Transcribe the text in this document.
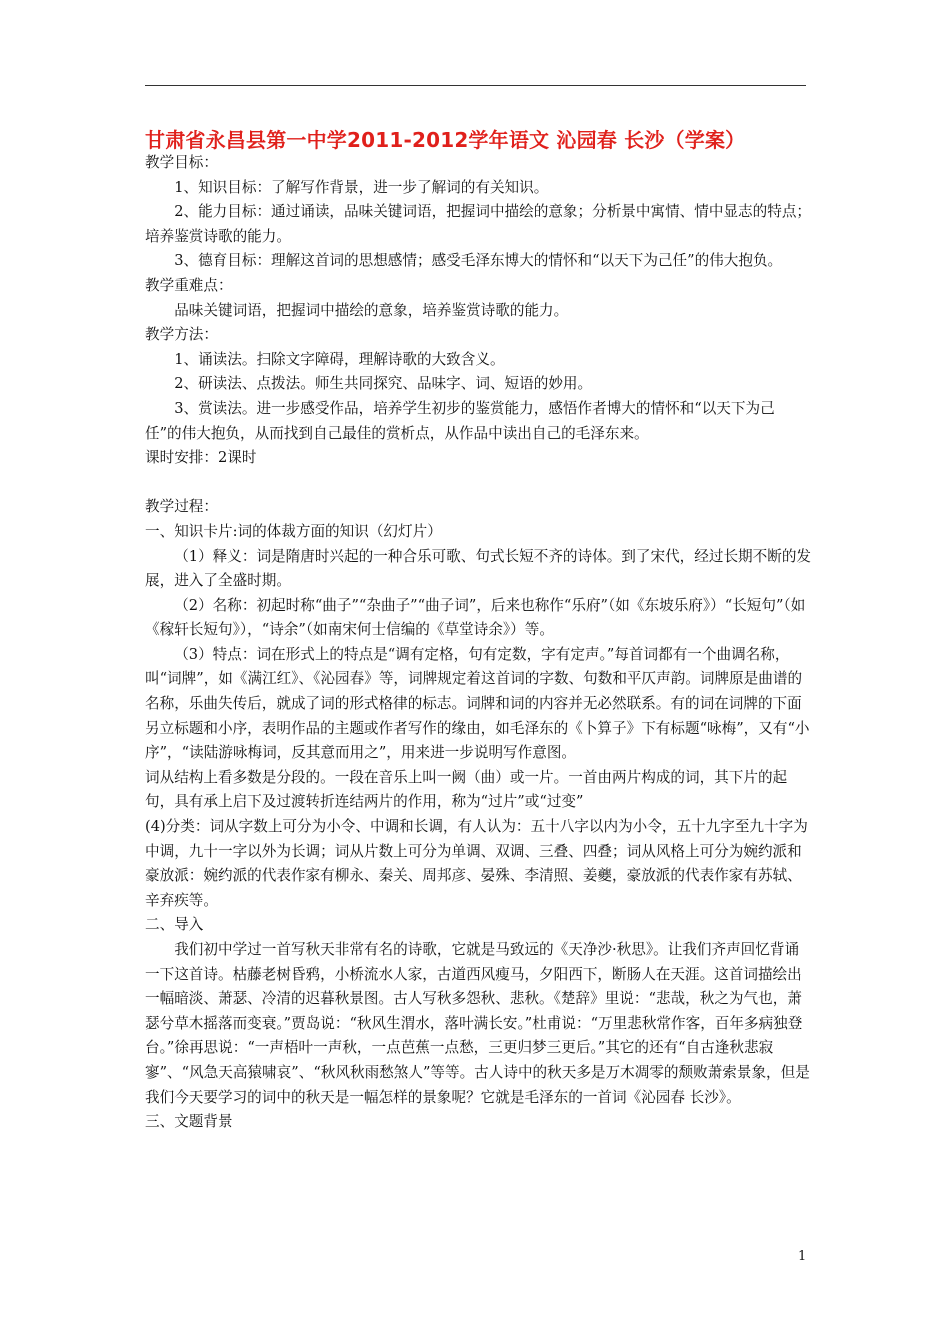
甘肃省永昌县第一中学2011-2012学年语文 沁园春 长沙（学案）

教学目标：

1、知识目标：了解写作背景，进一步了解词的有关知识。

2、能力目标：通过诵读，品味关键词语，把握词中描绘的意象；分析景中寓情、情中显志的特点；培养鉴赏诗歌的能力。

3、德育目标：理解这首词的思想感情；感受毛泽东博大的情怀和“以天下为己任”的伟大抱负。

教学重难点：

品味关键词语，把握词中描绘的意象，培养鉴赏诗歌的能力。

教学方法：

1、诵读法。扫除文字障碍，理解诗歌的大致含义。

2、研读法、点拨法。师生共同探究、品味字、词、短语的妙用。

3、赏读法。进一步感受作品，培养学生初步的鉴赏能力，感悟作者博大的情怀和“以天下为己任”的伟大抱负，从而找到自己最佳的赏析点，从作品中读出自己的毛泽东来。

课时安排：2课时

教学过程：

一、知识卡片:词的体裁方面的知识（幻灯片）

（1）释义：词是隋唐时兴起的一种合乐可歌、句式长短不齐的诗体。到了宋代，经过长期不断的发展，进入了全盛时期。

（2）名称：初起时称“曲子”“杂曲子”“曲子词”，后来也称作“乐府”（如《东坡乐府》）“长短句”（如《稼轩长短句》），“诗余”（如南宋何士信编的《草堂诗余》）等。

（3）特点：词在形式上的特点是“调有定格，句有定数，字有定声。”每首词都有一个曲调名称，叫“词牌”，如《满江红》、《沁园春》等，词牌规定着这首词的字数、句数和平仄声韵。词牌原是曲谱的名称，乐曲失传后，就成了词的形式格律的标志。词牌和词的内容并无必然联系。有的词在词牌的下面另立标题和小序，表明作品的主题或作者写作的缘由，如毛泽东的《卜算子》下有标题“咏梅”，又有“小序”，“读陆游咏梅词，反其意而用之”，用来进一步说明写作意图。

词从结构上看多数是分段的。一段在音乐上叫一阙（曲）或一片。一首由两片构成的词，其下片的起句，具有承上启下及过渡转折连结两片的作用，称为“过片”或“过变”

(4)分类：词从字数上可分为小令、中调和长调，有人认为：五十八字以内为小令，五十九字至九十字为中调，九十一字以外为长调；词从片数上可分为单调、双调、三叠、四叠；词从风格上可分为婉约派和豪放派：婉约派的代表作家有柳永、秦关、周邦彦、晏殊、李清照、姜夔，豪放派的代表作家有苏轼、辛弃疾等。

二、导入

我们初中学过一首写秋天非常有名的诗歌，它就是马致远的《天净沙·秋思》。让我们齐声回忆背诵一下这首诗。枯藤老树昏鸦，小桥流水人家，古道西风瘦马，夕阳西下，断肠人在天涯。这首词描绘出一幅暗淡、萧瑟、冷清的迟暮秋景图。古人写秋多怨秋、悲秋。《楚辞》里说：“悲哉，秋之为气也，萧瑟兮草木摇落而变衰。”贾岛说：“秋风生渭水，落叶满长安。”杜甫说：“万里悲秋常作客，百年多病独登台。”徐再思说：“一声梧叶一声秋，一点芭蕉一点愁，三更归梦三更后。”其它的还有“自古逢秋悲寂寥”、“风急天高猿啸哀”、“秋风秋雨愁煞人”等等。古人诗中的秋天多是万木凋零的颓败萧索景象，但是我们今天要学习的词中的秋天是一幅怎样的景象呢？它就是毛泽东的一首词《沁园春 长沙》。

三、文题背景

1
